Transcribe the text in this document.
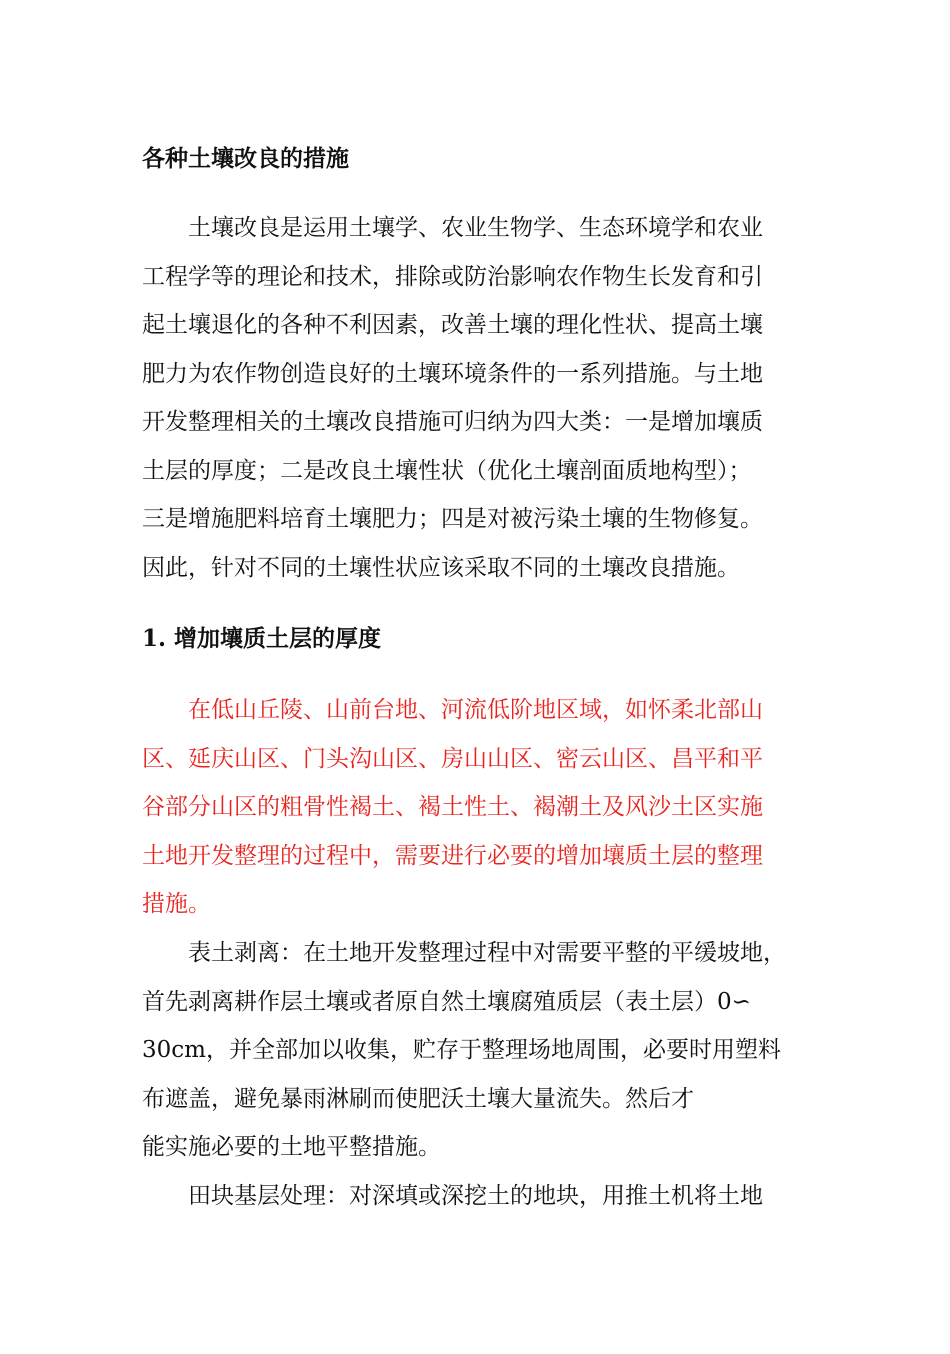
各种土壤改良的措施
土壤改良是运用土壤学、农业生物学、生态环境学和农业
工程学等的理论和技术，排除或防治影响农作物生长发育和引
起土壤退化的各种不利因素，改善土壤的理化性状、提高土壤
肥力为农作物创造良好的土壤环境条件的一系列措施。与土地
开发整理相关的土壤改良措施可归纳为四大类：一是增加壤质
土层的厚度；二是改良土壤性状（优化土壤剖面质地构型）；
三是增施肥料培育土壤肥力；四是对被污染土壤的生物修复。
因此，针对不同的土壤性状应该采取不同的土壤改良措施。
1. 增加壤质土层的厚度
在低山丘陵、山前台地、河流低阶地区域，如怀柔北部山
区、延庆山区、门头沟山区、房山山区、密云山区、昌平和平
谷部分山区的粗骨性褐土、褐土性土、褐潮土及风沙土区实施
土地开发整理的过程中，需要进行必要的增加壤质土层的整理
措施。
表土剥离：在土地开发整理过程中对需要平整的平缓坡地，
首先剥离耕作层土壤或者原自然土壤腐殖质层（表土层）0∽
30cm，并全部加以收集，贮存于整理场地周围，必要时用塑料
布遮盖，避免暴雨淋刷而使肥沃土壤大量流失。然后才
能实施必要的土地平整措施。
田块基层处理：对深填或深挖土的地块，用推土机将土地
